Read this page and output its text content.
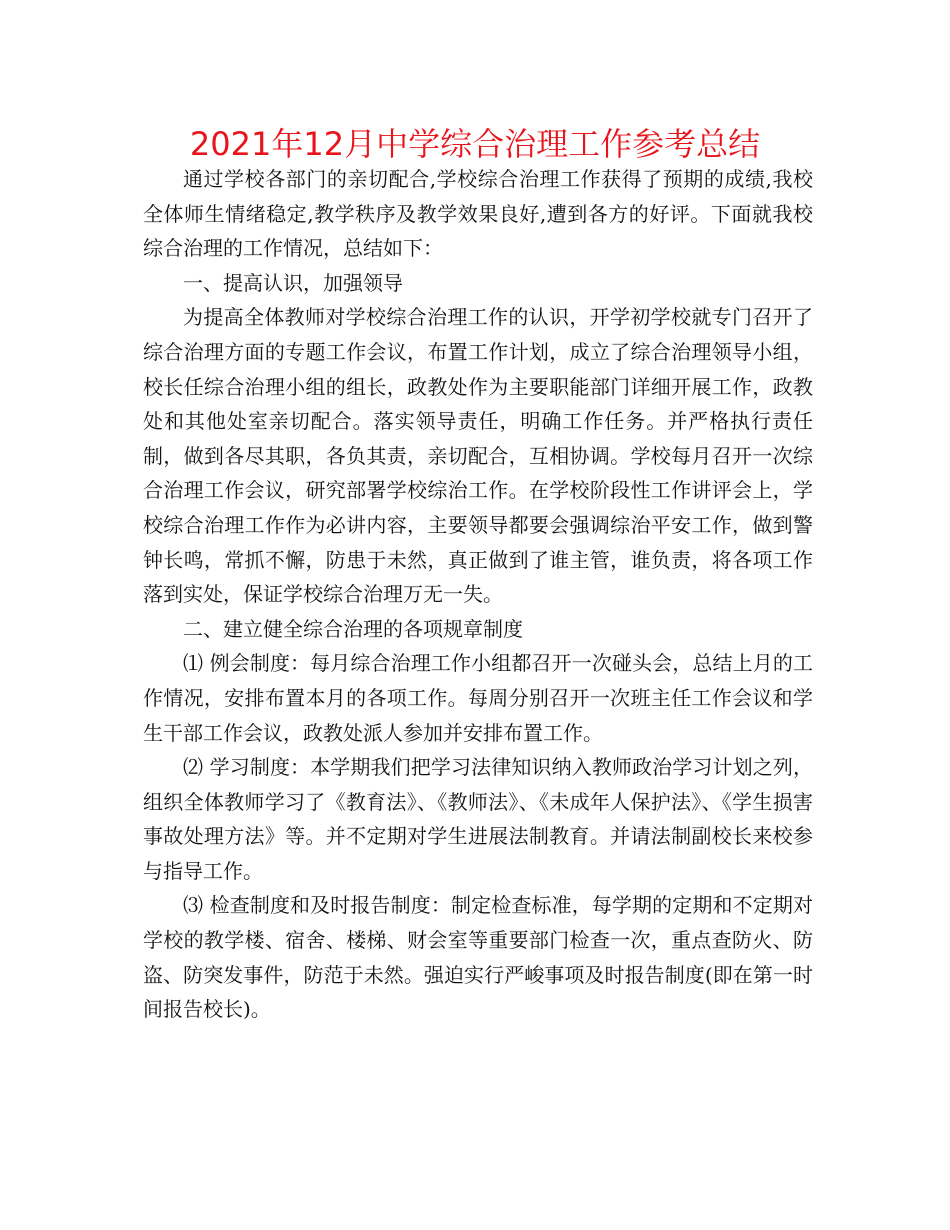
2021年12月中学综合治理工作参考总结

通过学校各部门的亲切配合,学校综合治理工作获得了预期的成绩,我校全体师生情绪稳定,教学秩序及教学效果良好,遭到各方的好评。下面就我校综合治理的工作情况，总结如下：

一、提高认识，加强领导

为提高全体教师对学校综合治理工作的认识，开学初学校就专门召开了综合治理方面的专题工作会议，布置工作计划，成立了综合治理领导小组，校长任综合治理小组的组长，政教处作为主要职能部门详细开展工作，政教处和其他处室亲切配合。落实领导责任，明确工作任务。并严格执行责任制，做到各尽其职，各负其责，亲切配合，互相协调。学校每月召开一次综合治理工作会议，研究部署学校综治工作。在学校阶段性工作讲评会上，学校综合治理工作作为必讲内容，主要领导都要会强调综治平安工作，做到警钟长鸣，常抓不懈，防患于未然，真正做到了谁主管，谁负责，将各项工作落到实处，保证学校综合治理万无一失。

二、建立健全综合治理的各项规章制度

⑴ 例会制度：每月综合治理工作小组都召开一次碰头会，总结上月的工作情况，安排布置本月的各项工作。每周分别召开一次班主任工作会议和学生干部工作会议，政教处派人参加并安排布置工作。

⑵ 学习制度：本学期我们把学习法律知识纳入教师政治学习计划之列，组织全体教师学习了《教育法》、《教师法》、《未成年人保护法》、《学生损害事故处理方法》等。并不定期对学生进展法制教育。并请法制副校长来校参与指导工作。

⑶ 检查制度和及时报告制度：制定检查标准，每学期的定期和不定期对学校的教学楼、宿舍、楼梯、财会室等重要部门检查一次，重点查防火、防盗、防突发事件，防范于未然。强迫实行严峻事项及时报告制度(即在第一时间报告校长)。
